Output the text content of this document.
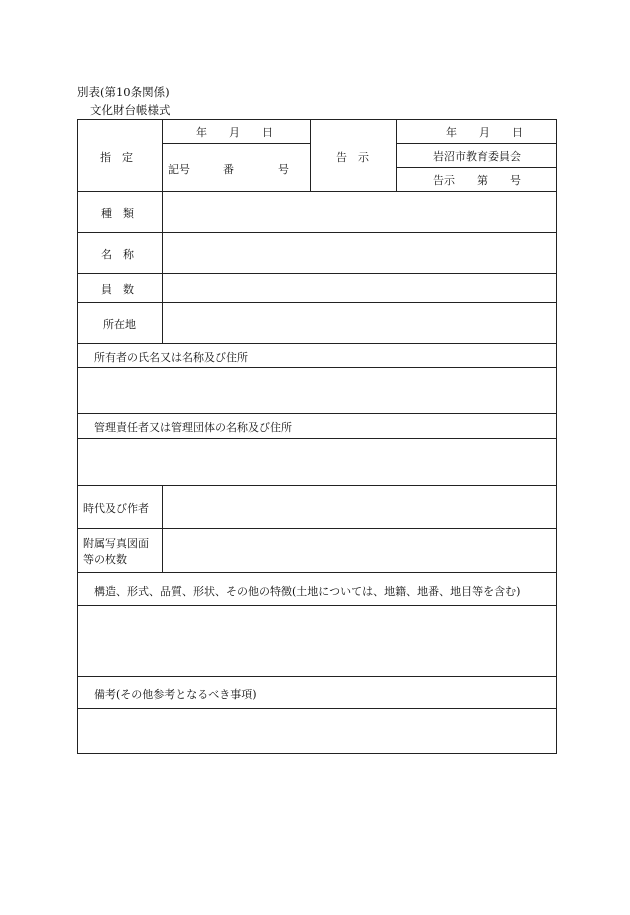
別表(第10条関係)
文化財台帳様式
指　定
年　　月　　日
記号　　　番　　　　号
告　示
年　　月　　日
岩沼市教育委員会
告示　　第　　号
種　類
名　称
員　数
所在地
所有者の氏名又は名称及び住所
管理責任者又は管理団体の名称及び住所
時代及び作者
附属写真図面
等の枚数
構造、形式、品質、形状、その他の特徴(土地については、地籍、地番、地目等を含む)
備考(その他参考となるべき事項)
